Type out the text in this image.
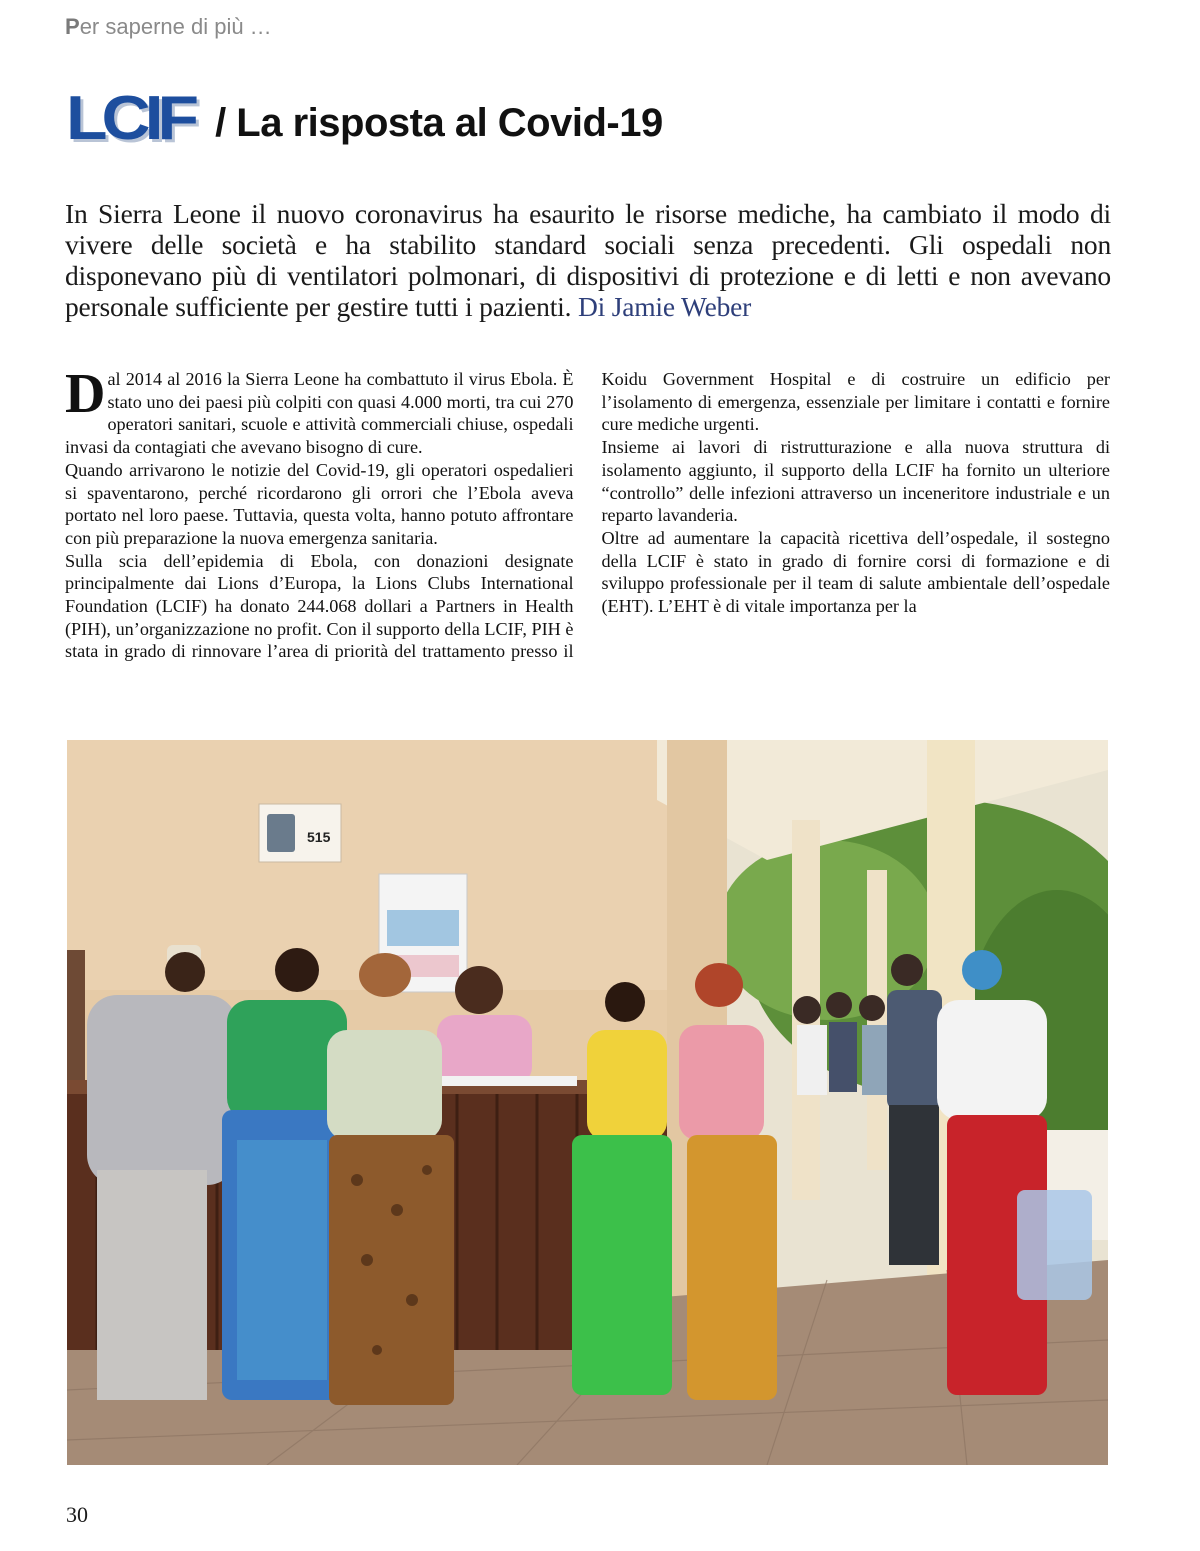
Per saperne di più …
LCIF / La risposta al Covid-19
In Sierra Leone il nuovo coronavirus ha esaurito le risorse mediche, ha cambiato il modo di vivere delle società e ha stabilito standard sociali senza precedenti. Gli ospedali non disponevano più di ventilatori polmonari, di dispositivi di protezione e di letti e non avevano personale sufficiente per gestire tutti i pazienti. Di Jamie Weber

Dal 2014 al 2016 la Sierra Leone ha combattuto il virus Ebola. È stato uno dei paesi più colpiti con quasi 4.000 morti, tra cui 270 operatori sanitari, scuole e attività commerciali chiuse, ospedali invasi da contagiati che avevano bisogno di cure.

Quando arrivarono le notizie del Covid-19, gli operatori ospedalieri si spaventarono, perché ricordarono gli orrori che l’Ebola aveva portato nel loro paese. Tuttavia, questa volta, hanno potuto affrontare con più preparazione la nuova emergenza sanitaria.

Sulla scia dell’epidemia di Ebola, con donazioni designate principalmente dai Lions d’Europa, la Lions Clubs International Foundation (LCIF) ha donato 244.068 dollari a Partners in Health (PIH), un’organizzazione no profit. Con il supporto della LCIF, PIH è stata in grado di rinnovare l’area di priorità del trattamento presso il Koidu Government Hospital e di costruire un edificio per l’isolamento di emergenza, essenziale per limitare i contatti e fornire cure mediche urgenti.

Insieme ai lavori di ristrutturazione e alla nuova struttura di isolamento aggiunto, il supporto della LCIF ha fornito un ulteriore “controllo” delle infezioni attraverso un inceneritore industriale e un reparto lavanderia.

Oltre ad aumentare la capacità ricettiva dell’ospedale, il sostegno della LCIF è stato in grado di fornire corsi di formazione e di sviluppo professionale per il team di salute ambientale dell’ospedale (EHT). L’EHT è di vitale importanza per la

515
30
